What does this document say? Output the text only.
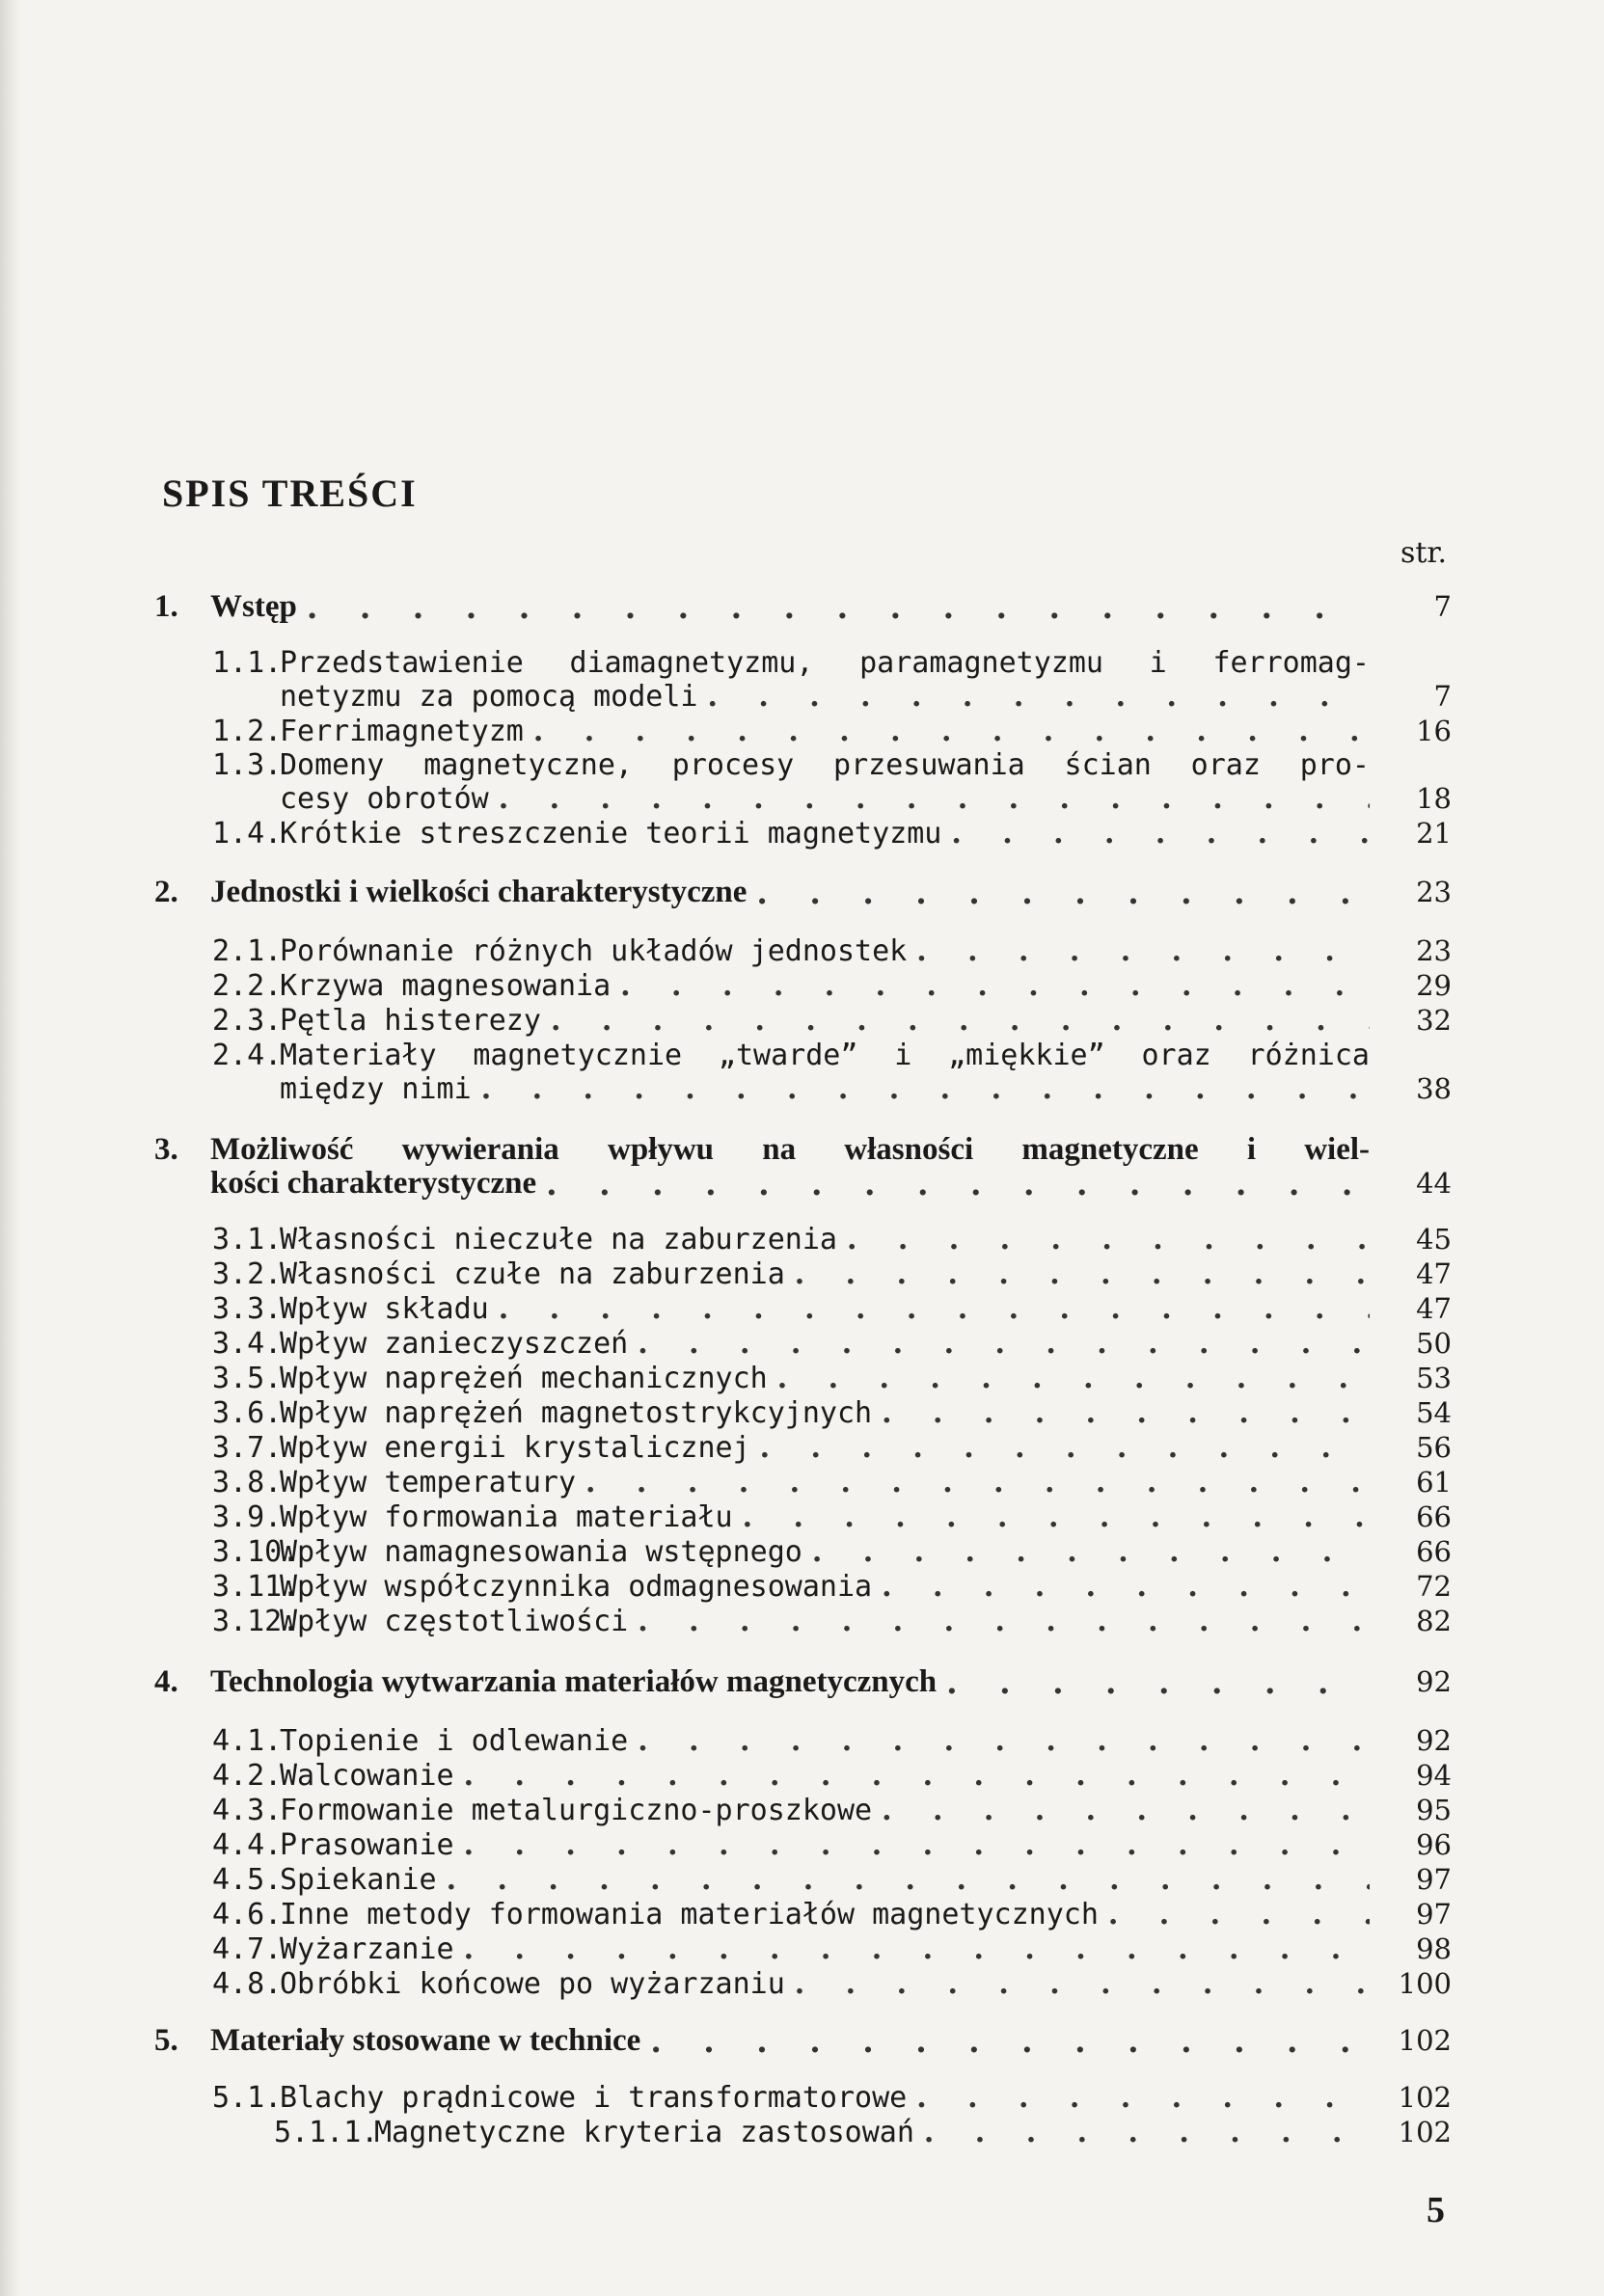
SPIS TREŚCI
str.
1. Wstęp . . .	7
1.1.
Przedstawienie diamagnetyzmu, paramagnetyzmu i ferromag-
netyzmu za pomocą modeli . . .	7
1.2.
Ferrimagnetyzm . . .	16
1.3.
Domeny magnetyczne, procesy przesuwania ścian oraz pro-
cesy obrotów . . .	18
1.4.
Krótkie streszczenie teorii magnetyzmu . . .	21
2. Jednostki i wielkości charakterystyczne . . .	23
2.1.
Porównanie różnych układów jednostek . . .	23
2.2.
Krzywa magnesowania . . .	29
2.3.
Pętla histerezy . . .	32
2.4.
Materiały magnetycznie „twarde” i „miękkie” oraz różnica
między nimi . . .	38
3. Możliwość wywierania wpływu na własności magnetyczne i wiel-
kości charakterystyczne . . .	44
3.1.
Własności nieczułe na zaburzenia . . .	45
3.2.
Własności czułe na zaburzenia . . .	47
3.3.
Wpływ składu . . .	47
3.4.
Wpływ zanieczyszczeń . . .	50
3.5.
Wpływ naprężeń mechanicznych . . .	53
3.6.
Wpływ naprężeń magnetostrykcyjnych . . .	54
3.7.
Wpływ energii krystalicznej . . .	56
3.8.
Wpływ temperatury . . .	61
3.9.
Wpływ formowania materiału . . .	66
3.10.
Wpływ namagnesowania wstępnego . . .	66
3.11.
Wpływ współczynnika odmagnesowania . . .	72
3.12.
Wpływ częstotliwości . . .	82
4. Technologia wytwarzania materiałów magnetycznych . . .	92
4.1.
Topienie i odlewanie . . .	92
4.2.
Walcowanie . . .	94
4.3.
Formowanie metalurgiczno-proszkowe . . .	95
4.4.
Prasowanie . . .	96
4.5.
Spiekanie . . .	97
4.6.
Inne metody formowania materiałów magnetycznych . . .	97
4.7.
Wyżarzanie . . .	98
4.8.
Obróbki końcowe po wyżarzaniu . . .	100
5. Materiały stosowane w technice . . .	102
5.1.
Blachy prądnicowe i transformatorowe . . .	102
5.1.1.
Magnetyczne kryteria zastosowań . . .	102
5
